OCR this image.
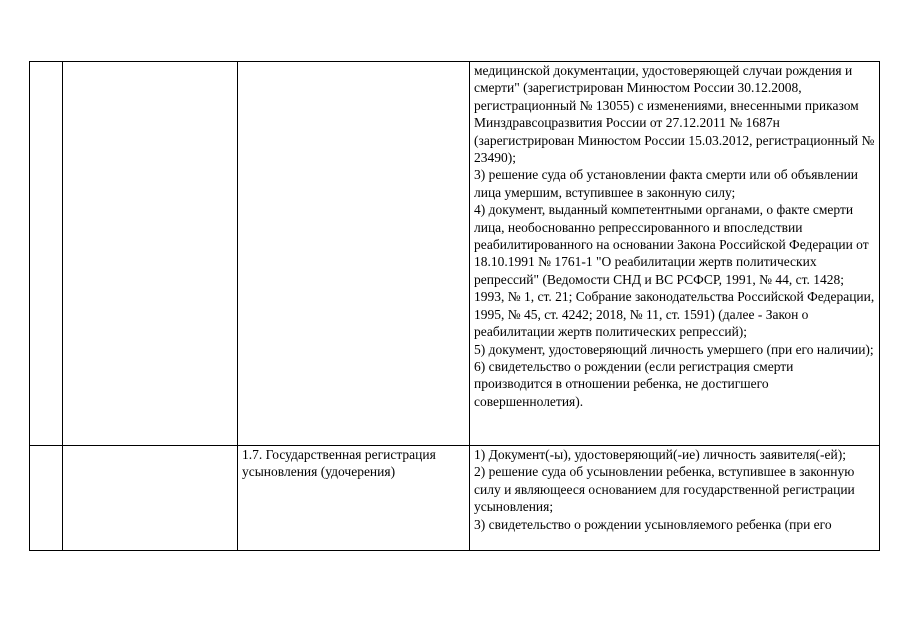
			медицинской документации, удостоверяющей случаи рождения и смерти" (зарегистрирован Минюстом России 30.12.2008, регистрационный № 13055) с изменениями, внесенными приказом Минздравсоцразвития России от 27.12.2011 № 1687н (зарегистрирован Минюстом России 15.03.2012, регистрационный № 23490);
3) решение суда об установлении факта смерти или об объявлении лица умершим, вступившее в законную силу;
4) документ, выданный компетентными органами, о факте смерти лица, необоснованно репрессированного и впоследствии реабилитированного на основании Закона Российской Федерации от 18.10.1991 № 1761-1 "О реабилитации жертв политических репрессий" (Ведомости СНД и ВС РСФСР, 1991, № 44, ст. 1428; 1993, № 1, ст. 21; Собрание законодательства Российской Федерации, 1995, № 45, ст. 4242; 2018, № 11, ст. 1591) (далее - Закон о реабилитации жертв политических репрессий);
5) документ, удостоверяющий личность умершего (при его наличии);
6) свидетельство о рождении (если регистрация смерти производится в отношении ребенка, не достигшего совершеннолетия).

		1.7. Государственная регистрация усыновления (удочерения)	1) Документ(-ы), удостоверяющий(-ие) личность заявителя(-ей);
2) решение суда об усыновлении ребенка, вступившее в законную силу и являющееся основанием для государственной регистрации усыновления;
3) свидетельство о рождении усыновляемого ребенка (при его
